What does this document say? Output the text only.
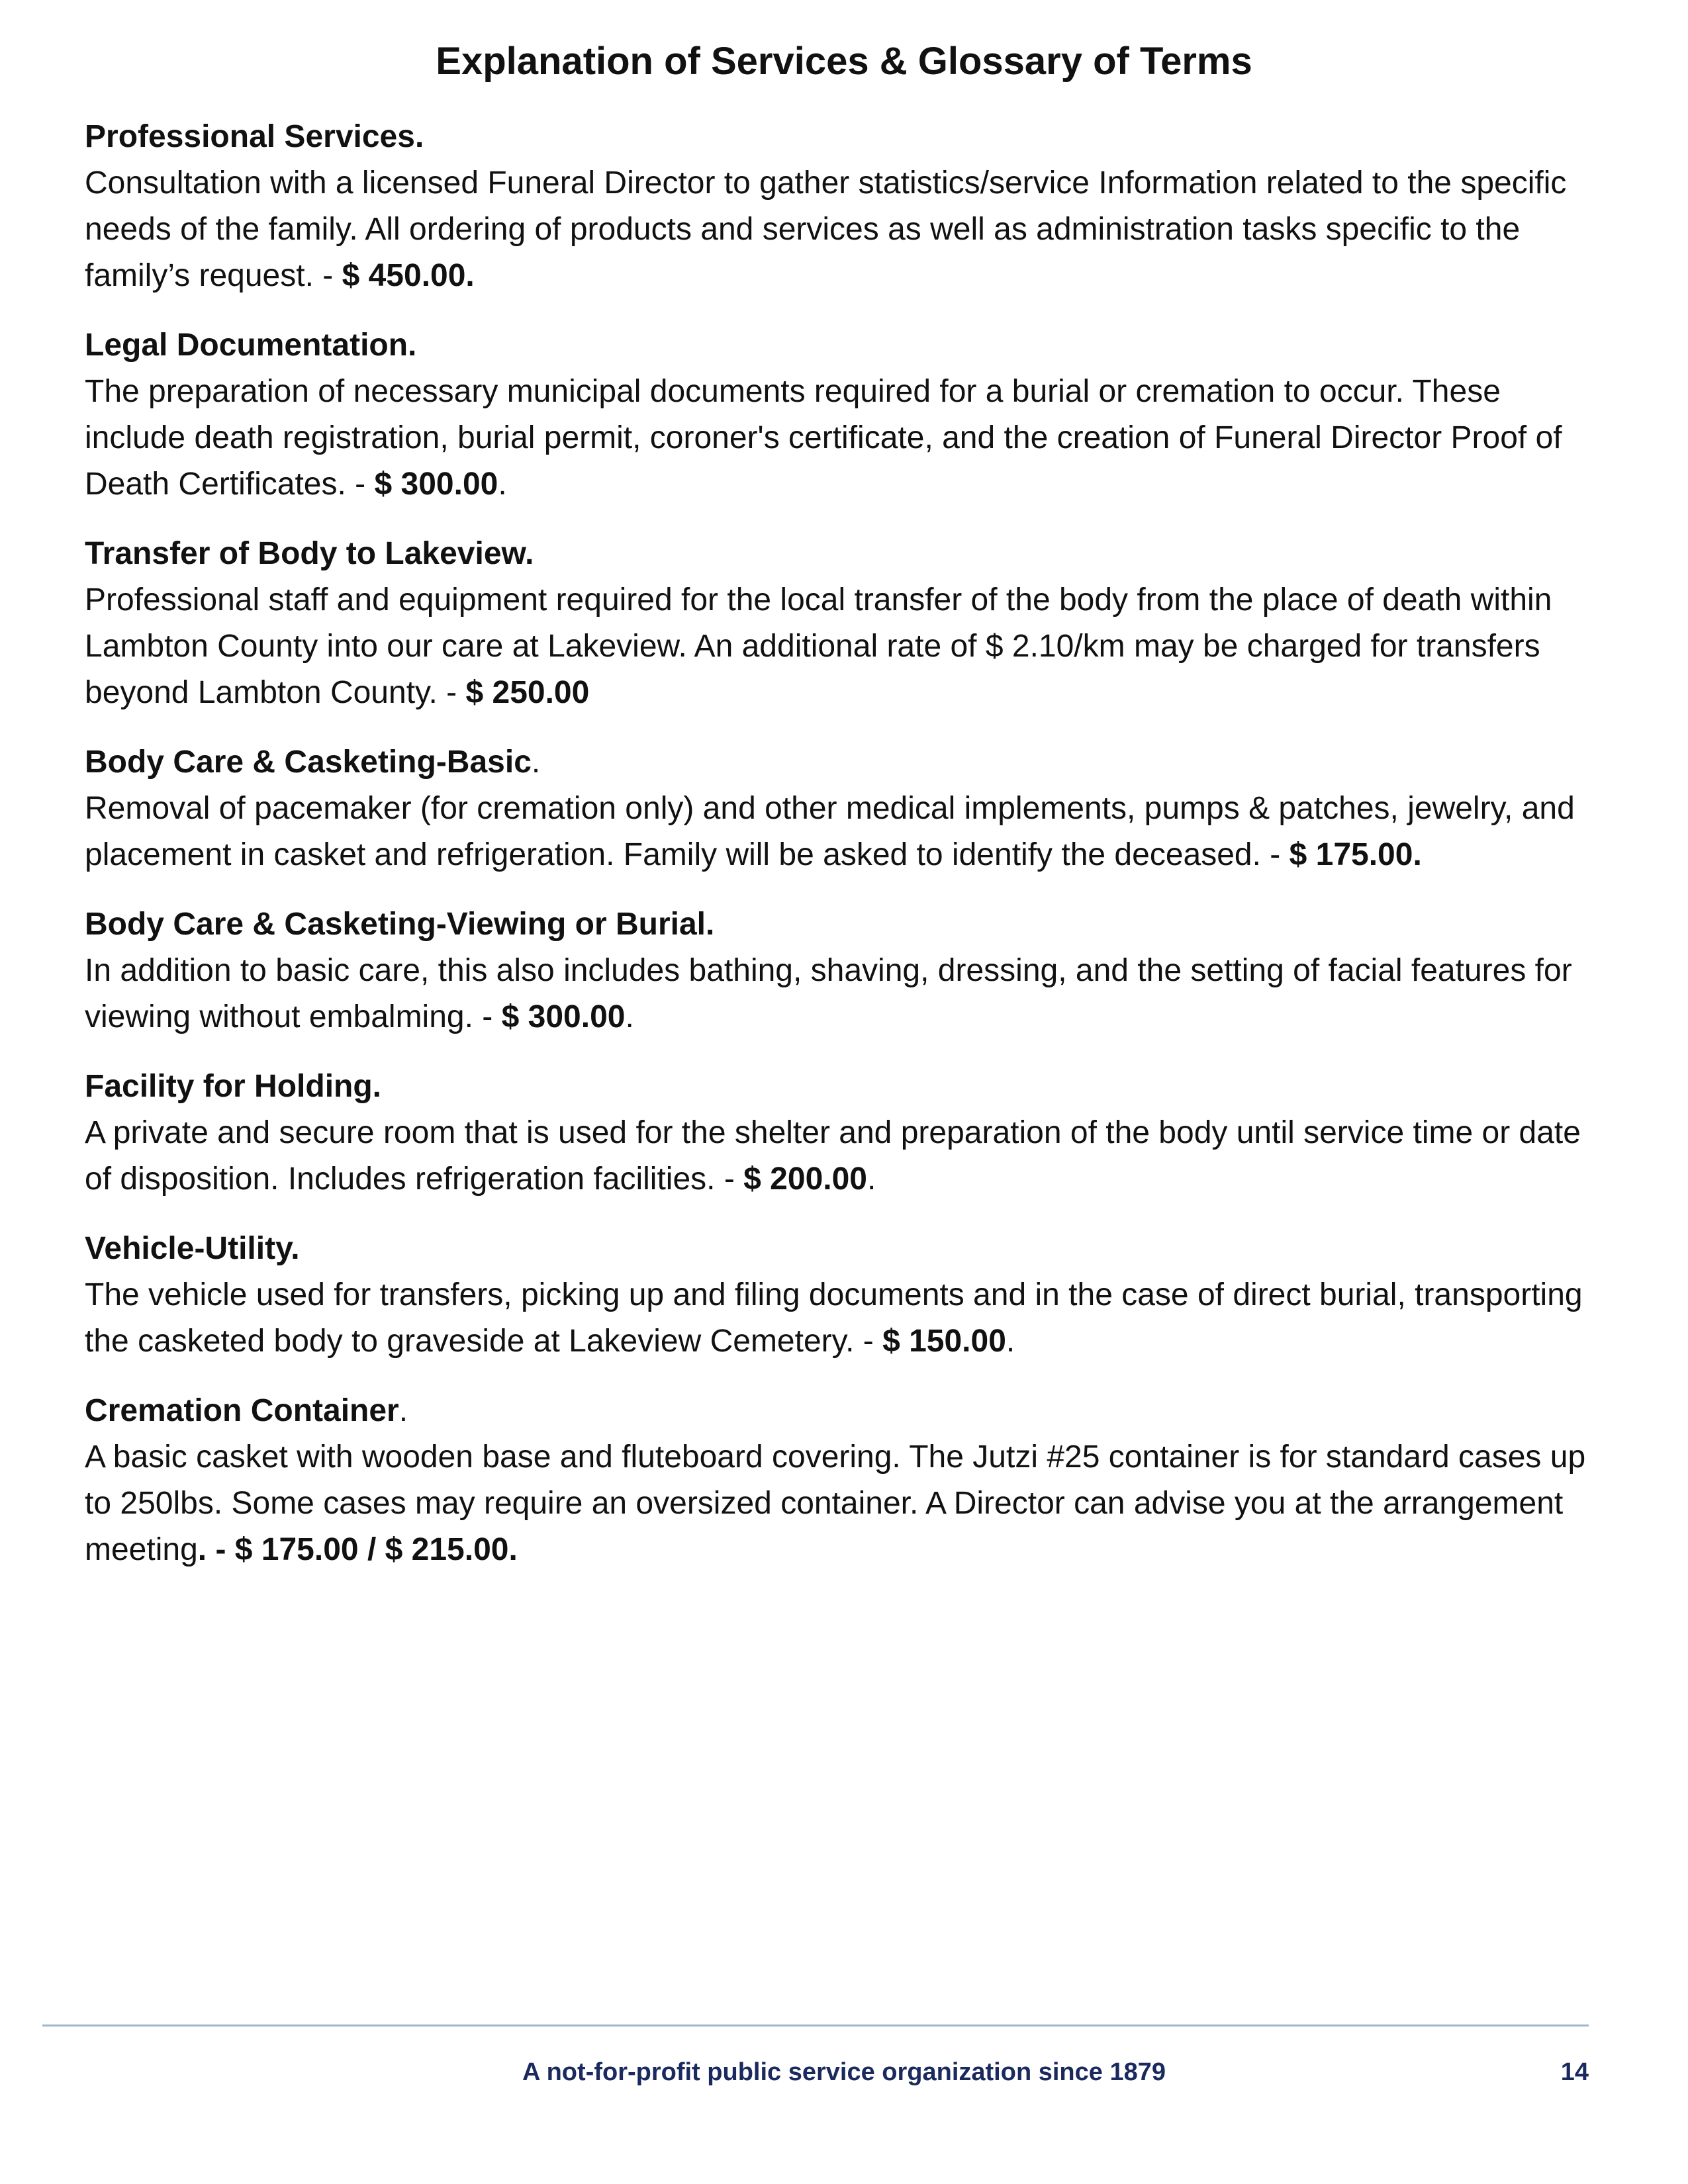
Explanation of Services & Glossary of Terms

Professional Services.

Consultation with a licensed Funeral Director to gather statistics/service Information related to the specific needs of the family. All ordering of products and services as well as administration tasks specific to the family’s request. - $ 450.00.

Legal Documentation.

The preparation of necessary municipal documents required for a burial or cremation to occur. These include death registration, burial permit, coroner's certificate, and the creation of Funeral Director Proof of Death Certificates. - $ 300.00.

Transfer of Body to Lakeview.

Professional staff and equipment required for the local transfer of the body from the place of death within Lambton County into our care at Lakeview. An additional rate of $ 2.10/km may be charged for transfers beyond Lambton County. - $ 250.00

Body Care & Casketing-Basic.

Removal of pacemaker (for cremation only) and other medical implements, pumps & patches, jewelry, and placement in casket and refrigeration. Family will be asked to identify the deceased. - $ 175.00.

Body Care & Casketing-Viewing or Burial.

In addition to basic care, this also includes bathing, shaving, dressing, and the setting of facial features for viewing without embalming. - $ 300.00.

Facility for Holding.

A private and secure room that is used for the shelter and preparation of the body until service time or date of disposition. Includes refrigeration facilities. - $ 200.00.

Vehicle-Utility.

The vehicle used for transfers, picking up and filing documents and in the case of direct burial, transporting the casketed body to graveside at Lakeview Cemetery. - $ 150.00.

Cremation Container.

A basic casket with wooden base and fluteboard covering. The Jutzi #25 container is for standard cases up to 250lbs. Some cases may require an oversized container. A Director can advise you at the arrangement meeting. - $ 175.00 / $ 215.00.

A not-for-profit public service organization since 1879	14
